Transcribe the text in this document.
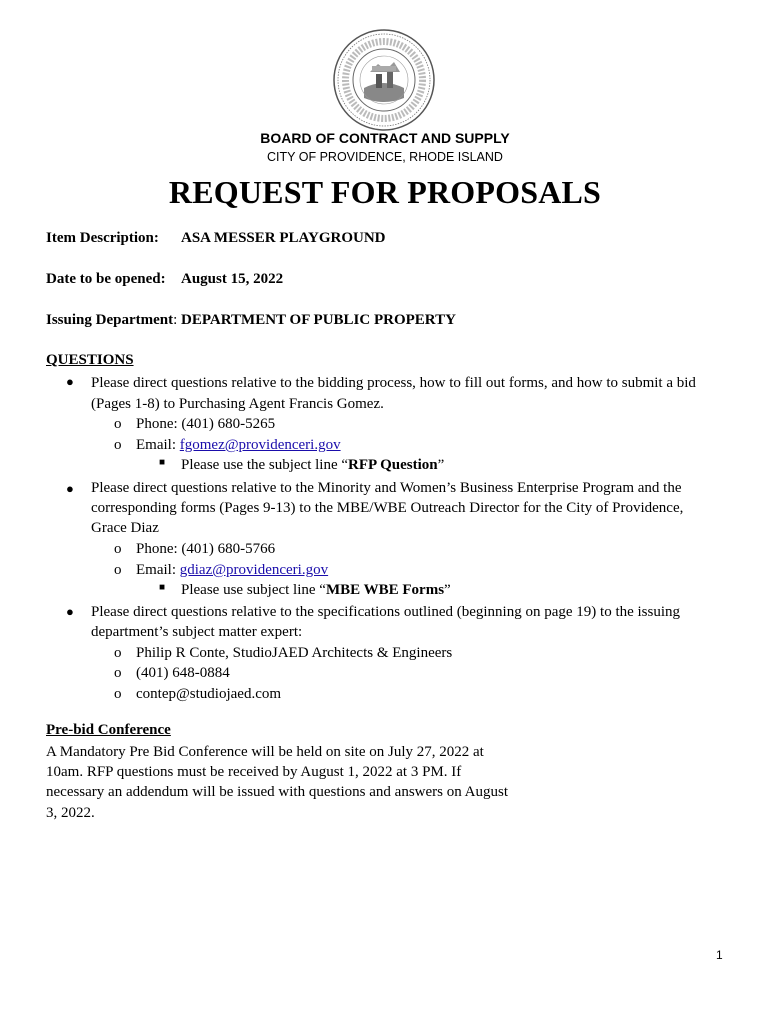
BOARD OF CONTRACT AND SUPPLY
CITY OF PROVIDENCE, RHODE ISLAND
REQUEST FOR PROPOSALS
Item Description: ASA MESSER PLAYGROUND
Date to be opened: August 15, 2022
Issuing Department: DEPARTMENT OF PUBLIC PROPERTY
QUESTIONS
● Please direct questions relative to the bidding process, how to fill out forms, and how to submit a bid
(Pages 1-8) to Purchasing Agent Francis Gomez.
o Phone: (401) 680-5265
o Email: fgomez@providenceri.gov
■ Please use the subject line “RFP Question”
● Please direct questions relative to the Minority and Women’s Business Enterprise Program and the
corresponding forms (Pages 9-13) to the MBE/WBE Outreach Director for the City of Providence,
Grace Diaz
o Phone: (401) 680-5766
o Email: gdiaz@providenceri.gov
■ Please use subject line “MBE WBE Forms”
● Please direct questions relative to the specifications outlined (beginning on page 19) to the issuing
department’s subject matter expert:
o Philip R Conte, StudioJAED Architects & Engineers
o (401) 648-0884
o contep@studiojaed.com
Pre-bid Conference
A Mandatory Pre Bid Conference will be held on site on July 27, 2022 at
10am. RFP questions must be received by August 1, 2022 at 3 PM. If
necessary an addendum will be issued with questions and answers on August
3, 2022.
1
